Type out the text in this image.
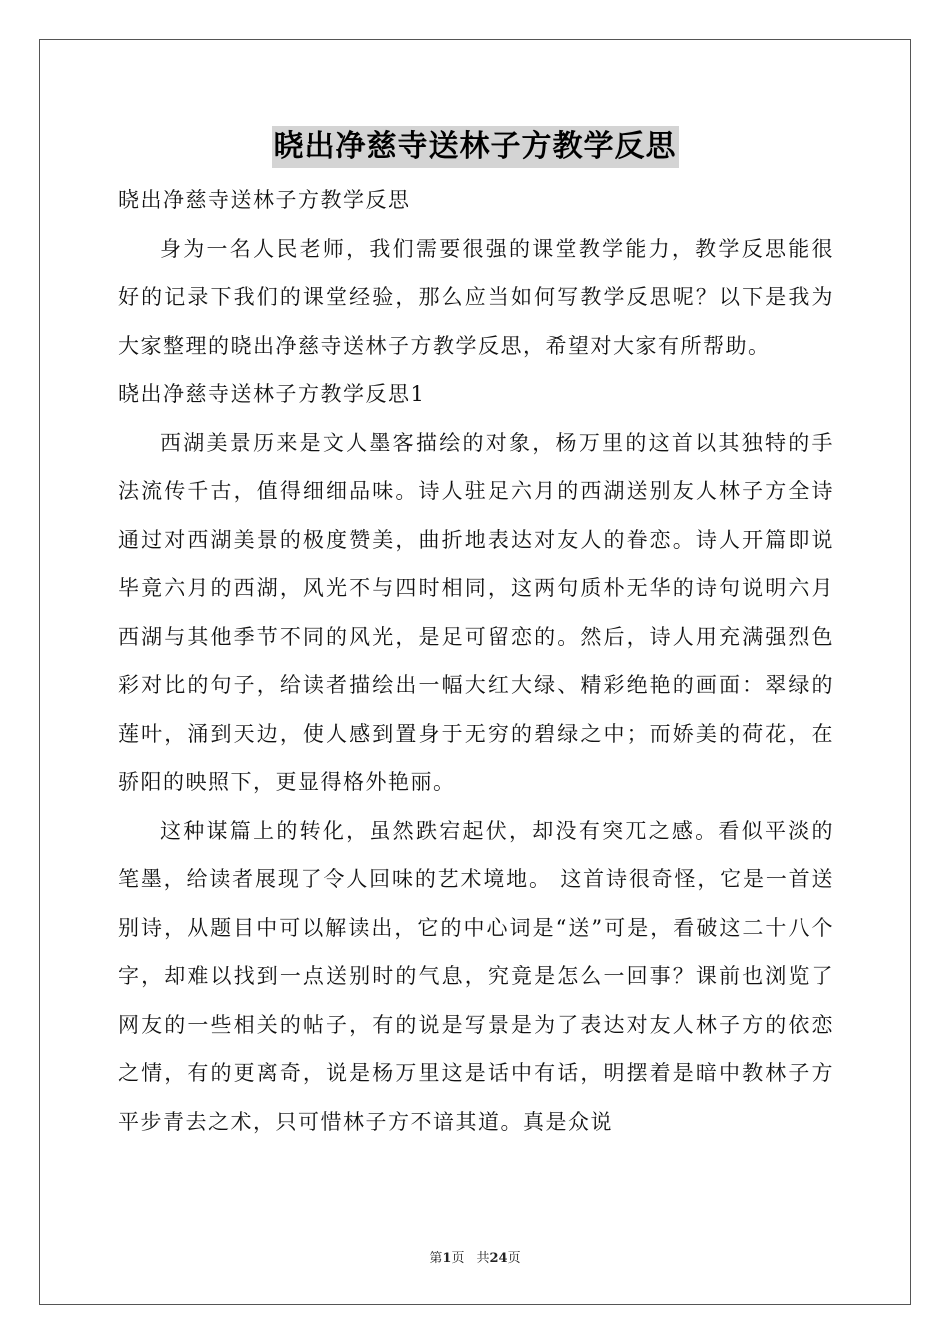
晓出净慈寺送林子方教学反思

晓出净慈寺送林子方教学反思

身为一名人民老师，我们需要很强的课堂教学能力，教学反思能很好的记录下我们的课堂经验，那么应当如何写教学反思呢？以下是我为大家整理的晓出净慈寺送林子方教学反思，希望对大家有所帮助。

晓出净慈寺送林子方教学反思1

西湖美景历来是文人墨客描绘的对象，杨万里的这首以其独特的手法流传千古，值得细细品味。诗人驻足六月的西湖送别友人林子方全诗通过对西湖美景的极度赞美，曲折地表达对友人的眷恋。诗人开篇即说毕竟六月的西湖，风光不与四时相同，这两句质朴无华的诗句说明六月西湖与其他季节不同的风光，是足可留恋的。然后，诗人用充满强烈色彩对比的句子，给读者描绘出一幅大红大绿、精彩绝艳的画面：翠绿的莲叶，涌到天边，使人感到置身于无穷的碧绿之中；而娇美的荷花，在骄阳的映照下，更显得格外艳丽。

这种谋篇上的转化，虽然跌宕起伏，却没有突兀之感。看似平淡的笔墨，给读者展现了令人回味的艺术境地。 这首诗很奇怪，它是一首送别诗，从题目中可以解读出，它的中心词是“送”可是，看破这二十八个字，却难以找到一点送别时的气息，究竟是怎么一回事？课前也浏览了网友的一些相关的帖子，有的说是写景是为了表达对友人林子方的依恋之情，有的更离奇，说是杨万里这是话中有话，明摆着是暗中教林子方平步青去之术，只可惜林子方不谙其道。真是众说

第1页 共24页
